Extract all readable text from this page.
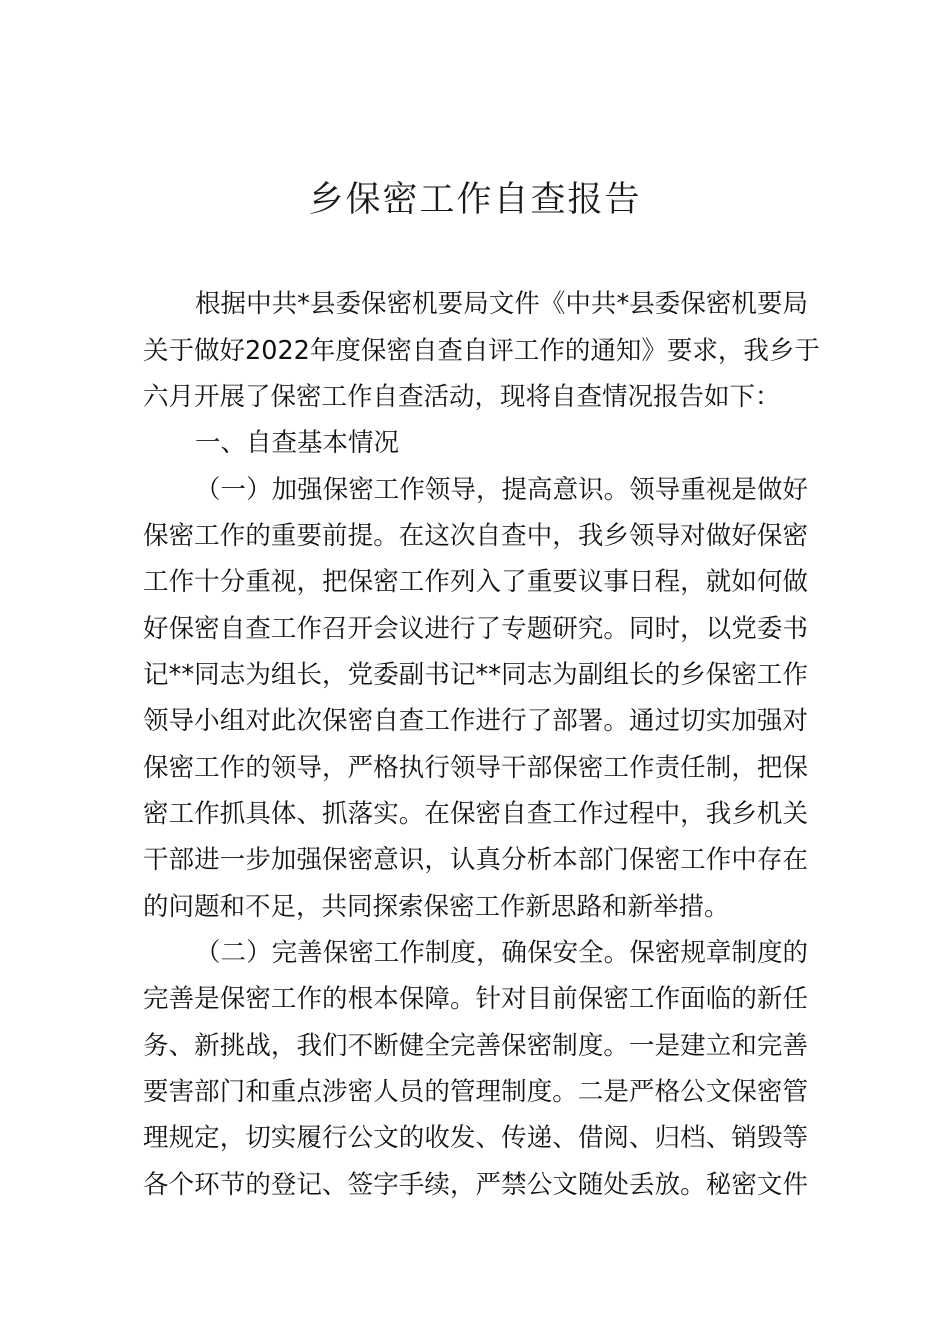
乡保密工作自查报告

根据中共*县委保密机要局文件《中共*县委保密机要局

关于做好2022年度保密自查自评工作的通知》要求，我乡于

六月开展了保密工作自查活动，现将自查情况报告如下：

一、自查基本情况

（一）加强保密工作领导，提高意识。领导重视是做好

保密工作的重要前提。在这次自查中，我乡领导对做好保密

工作十分重视，把保密工作列入了重要议事日程，就如何做

好保密自查工作召开会议进行了专题研究。同时，以党委书

记**同志为组长，党委副书记**同志为副组长的乡保密工作

领导小组对此次保密自查工作进行了部署。通过切实加强对

保密工作的领导，严格执行领导干部保密工作责任制，把保

密工作抓具体、抓落实。在保密自查工作过程中，我乡机关

干部进一步加强保密意识，认真分析本部门保密工作中存在

的问题和不足，共同探索保密工作新思路和新举措。

（二）完善保密工作制度，确保安全。保密规章制度的

完善是保密工作的根本保障。针对目前保密工作面临的新任

务、新挑战，我们不断健全完善保密制度。一是建立和完善

要害部门和重点涉密人员的管理制度。二是严格公文保密管

理规定，切实履行公文的收发、传递、借阅、归档、销毁等

各个环节的登记、签字手续，严禁公文随处丢放。秘密文件
